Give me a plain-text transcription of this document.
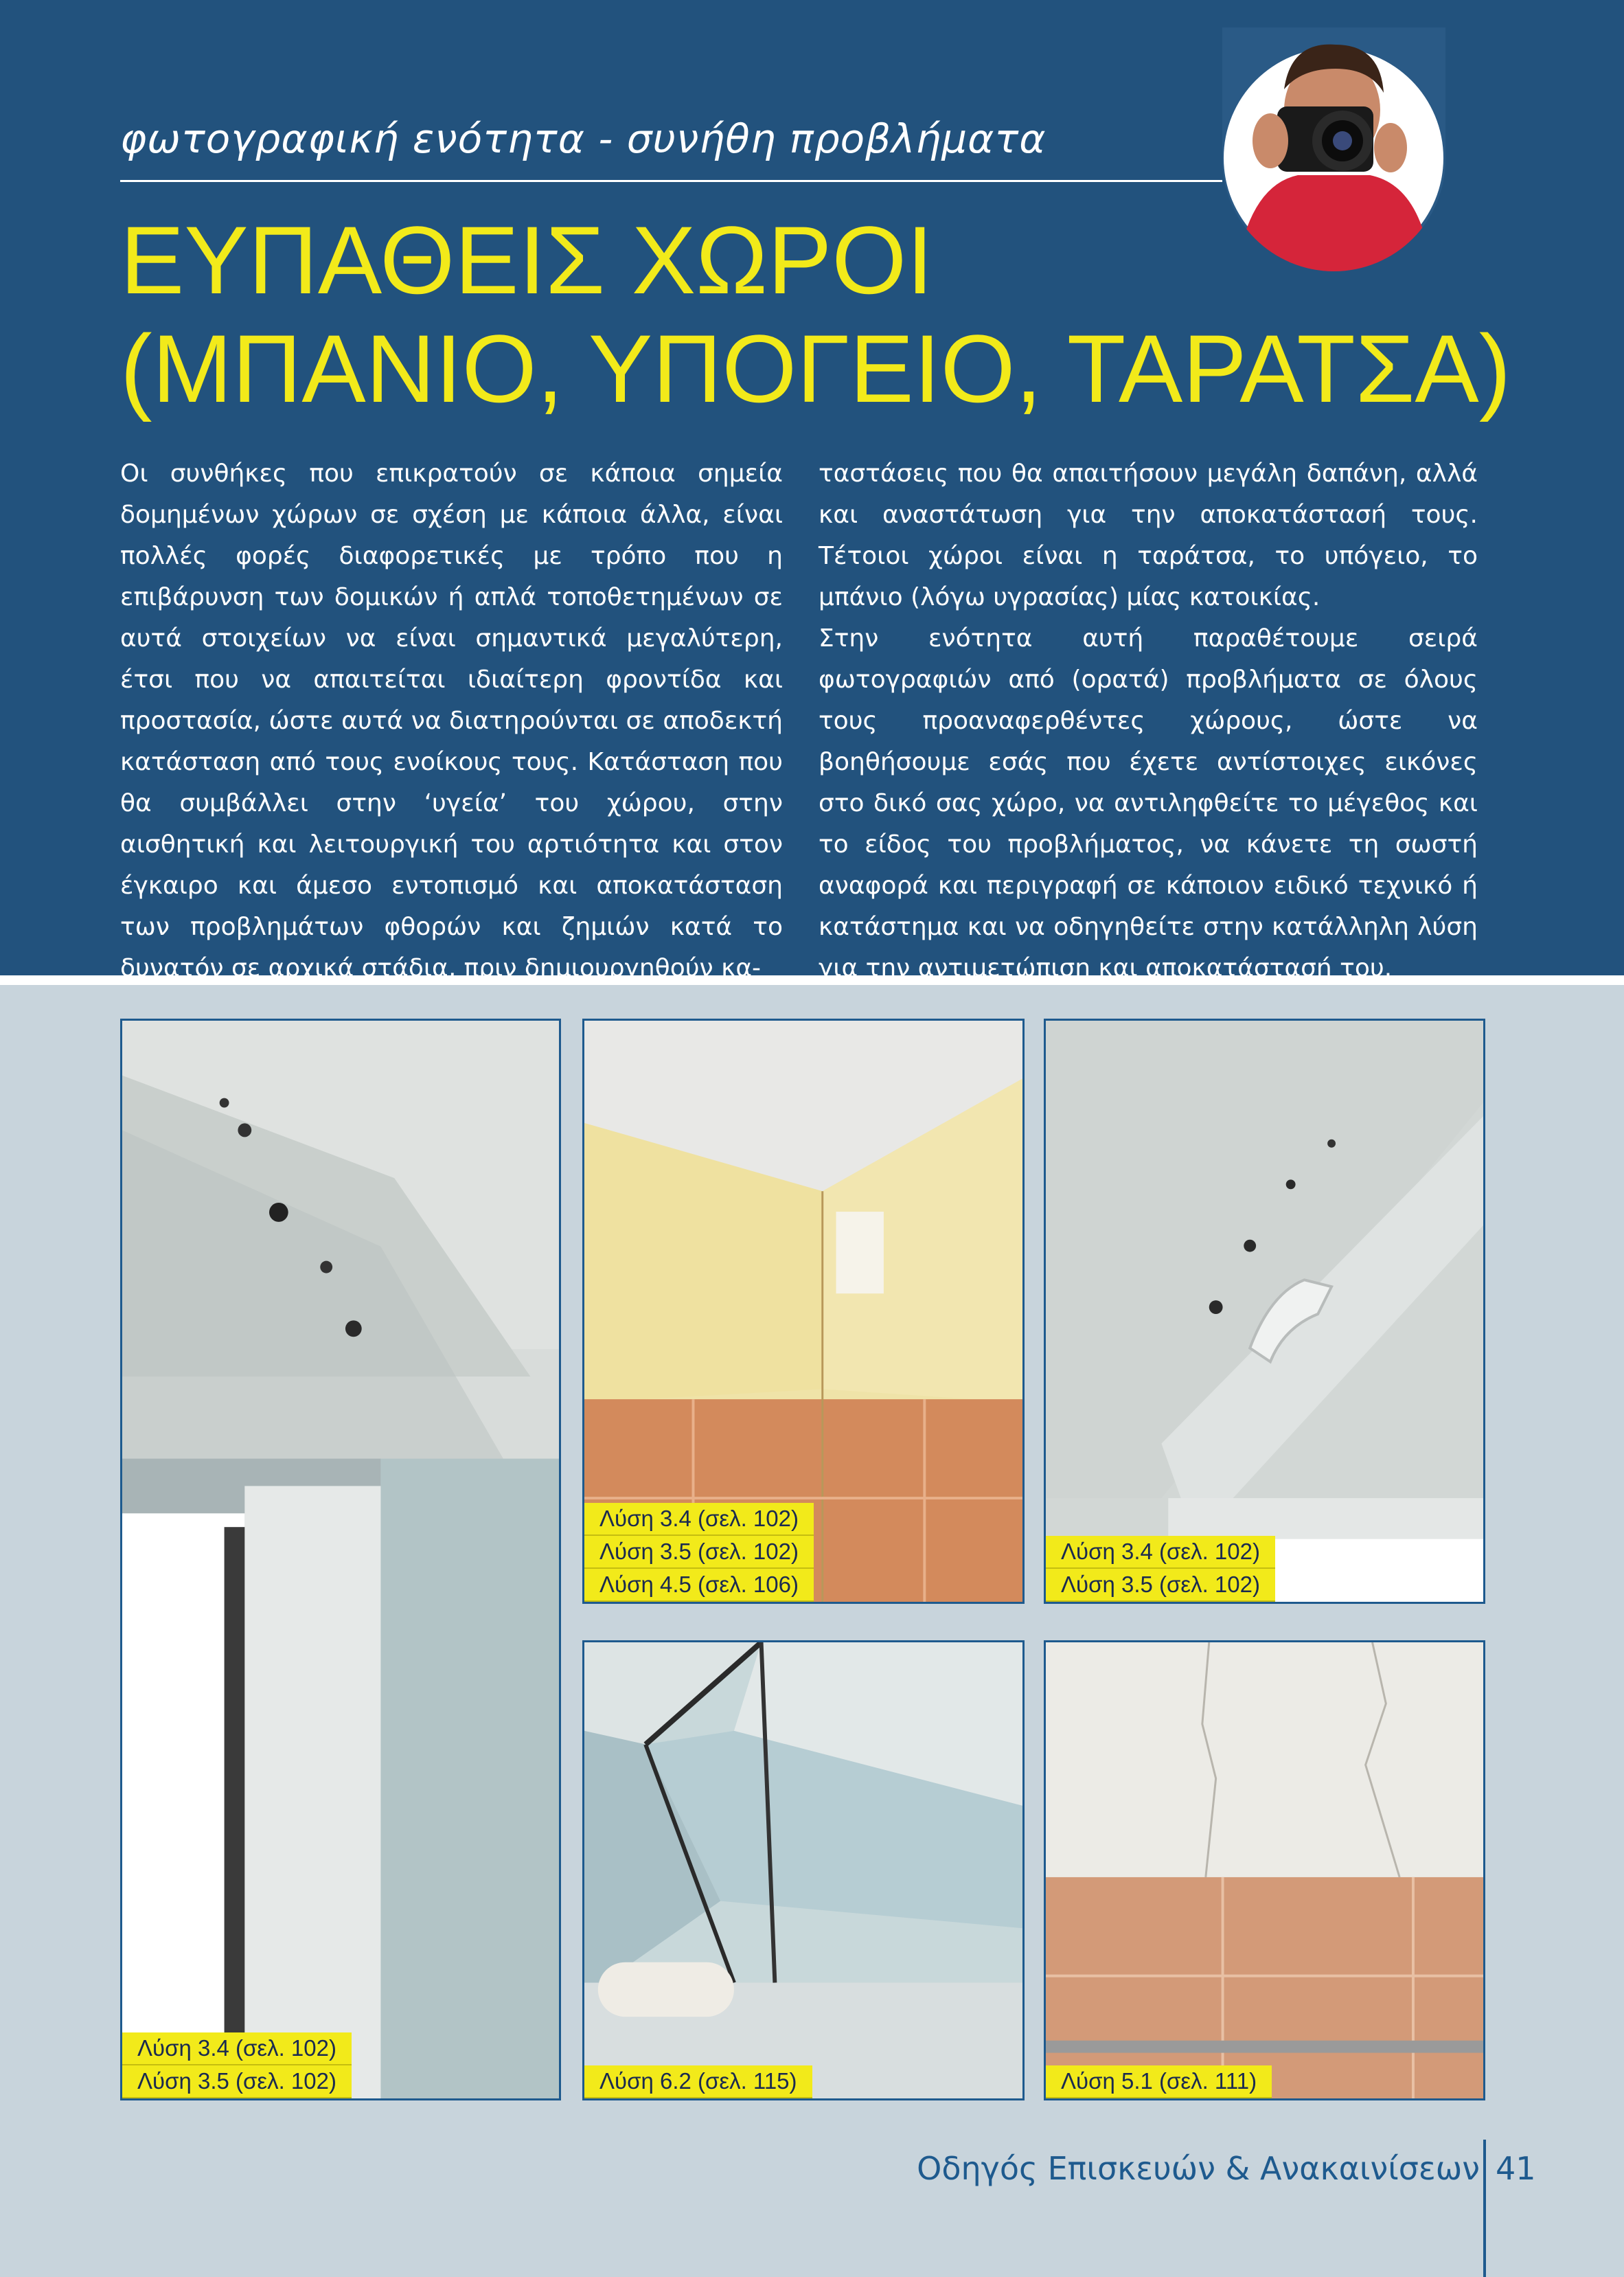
φωτογραφική ενότητα - συνήθη προβλήματα
ΕΥΠΑΘΕΙΣ ΧΩΡΟΙ
(ΜΠΑΝΙΟ, ΥΠΟΓΕΙΟ, ΤΑΡΑΤΣΑ)

Οι συνθήκες που επικρατούν σε κάποια σημεία δομημένων χώρων σε σχέση με κάποια άλλα, είναι πολλές φορές διαφορετικές με τρόπο που η επιβάρυνση των δομικών ή απλά τοποθετημένων σε αυτά στοιχείων να είναι σημαντικά μεγαλύτερη, έτσι που να απαιτείται ιδιαίτερη φροντίδα και προστασία, ώστε αυτά να διατηρούνται σε αποδεκτή κατάσταση από τους ενοίκους τους. Κατάσταση που θα συμβάλλει στην ‘υγεία’ του χώρου, στην αισθητική και λειτουργική του αρτιότητα και στον έγκαιρο και άμεσο εντοπισμό και αποκατάσταση των προβλημάτων φθορών και ζημιών κατά το δυνατόν σε αρχικά στάδια, πριν δημιουργηθούν κα-

ταστάσεις που θα απαιτήσουν μεγάλη δαπάνη, αλλά και αναστάτωση για την αποκατάστασή τους. Τέτοιοι χώροι είναι η ταράτσα, το υπόγειο, το μπάνιο (λόγω υγρασίας) μίας κατοικίας.

Στην ενότητα αυτή παραθέτουμε σειρά φωτογραφιών από (ορατά) προβλήματα σε όλους τους προαναφερθέντες χώρους, ώστε να βοηθήσουμε εσάς που έχετε αντίστοιχες εικόνες στο δικό σας χώρο, να αντιληφθείτε το μέγεθος και το είδος του προβλήματος, να κάνετε τη σωστή αναφορά και περιγραφή σε κάποιον ειδικό τεχνικό ή κατάστημα και να οδηγηθείτε στην κατάλληλη λύση για την αντιμετώπιση και αποκατάστασή του.

Λύση 3.4 (σελ. 102)
Λύση 3.5 (σελ. 102)
Λύση 3.4 (σελ. 102)
Λύση 3.5 (σελ. 102)
Λύση 4.5 (σελ. 106)
Λύση 3.4 (σελ. 102)
Λύση 3.5 (σελ. 102)
Λύση 6.2 (σελ. 115)	Λύση 5.1 (σελ. 111)
Οδηγός Επισκευών & Ανακαινίσεων 41
